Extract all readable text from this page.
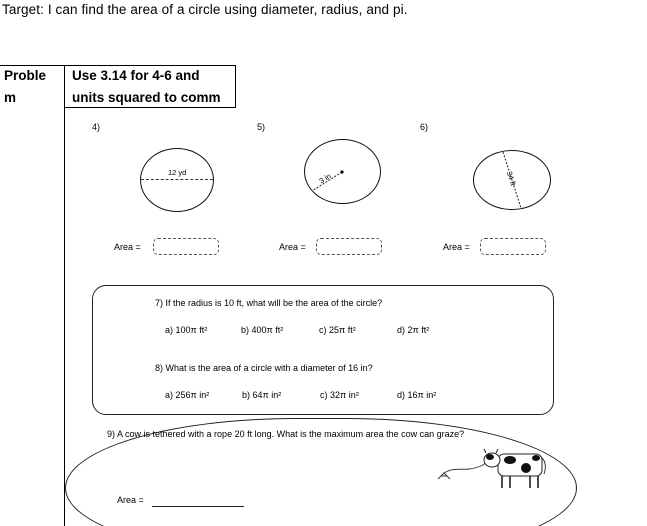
Target: I can find the area of a circle using diameter, radius, and pi.
Proble
m
Use 3.14 for 4-6 and
units squared to comm
4)
12 yd
Area =
5)
3 in
Area =
6)
34 ft
Area =
7) If the radius is 10 ft, what will be the area of the circle?
a) 100π ft²	b) 400π ft²	c) 25π ft²	d) 2π ft²
8) What is the area of a circle with a diameter of 16 in?
a) 256π in²	b) 64π in²	c) 32π in²	d) 16π in²
9) A cow is tethered with a rope 20 ft long. What is the maximum area the cow can graze?
Area =
